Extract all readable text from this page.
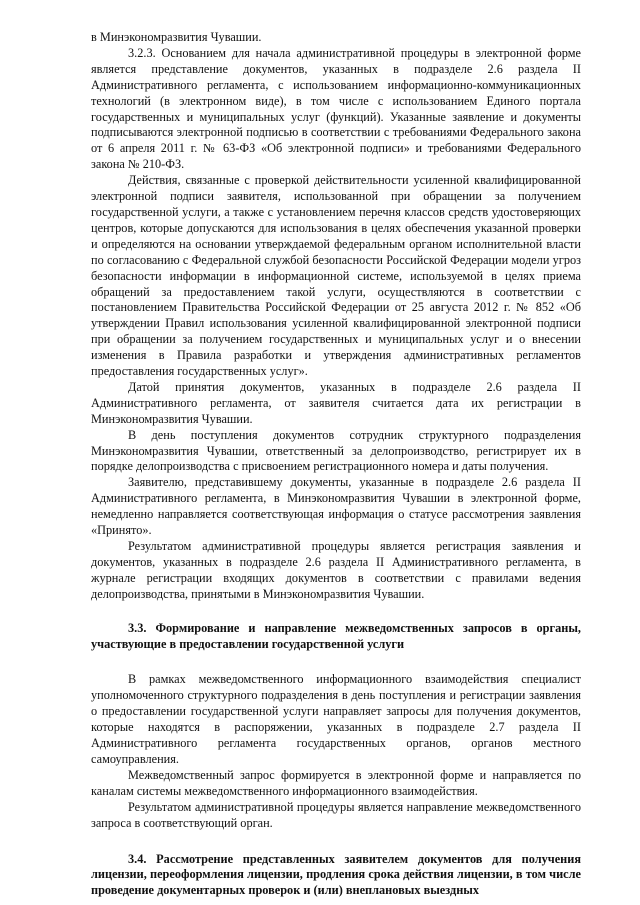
в Минэкономразвития Чувашии.

3.2.3. Основанием для начала административной процедуры в электронной форме является представление документов, указанных в подразделе 2.6 раздела II Административного регламента, с использованием информационно-коммуникационных технологий (в электронном виде), в том числе с использованием Единого портала государственных и муниципальных услуг (функций). Указанные заявление и документы подписываются электронной подписью в соответствии с требованиями Федерального закона от 6 апреля 2011 г. № 63-ФЗ «Об электронной подписи» и требованиями Федерального закона № 210-ФЗ.

Действия, связанные с проверкой действительности усиленной квалифицированной электронной подписи заявителя, использованной при обращении за получением государственной услуги, а также с установлением перечня классов средств удостоверяющих центров, которые допускаются для использования в целях обеспечения указанной проверки и определяются на основании утверждаемой федеральным органом исполнительной власти по согласованию с Федеральной службой безопасности Российской Федерации модели угроз безопасности информации в информационной системе, используемой в целях приема обращений за предоставлением такой услуги, осуществляются в соответствии с постановлением Правительства Российской Федерации от 25 августа 2012 г. № 852 «Об утверждении Правил использования усиленной квалифицированной электронной подписи при обращении за получением государственных и муниципальных услуг и о внесении изменения в Правила разработки и утверждения административных регламентов предоставления государственных услуг».

Датой принятия документов, указанных в подразделе 2.6 раздела II Административного регламента, от заявителя считается дата их регистрации в Минэкономразвития Чувашии.

В день поступления документов сотрудник структурного подразделения Минэкономразвития Чувашии, ответственный за делопроизводство, регистрирует их в порядке делопроизводства с присвоением регистрационного номера и даты получения.

Заявителю, представившему документы, указанные в подразделе 2.6 раздела II Административного регламента, в Минэкономразвития Чувашии в электронной форме, немедленно направляется соответствующая информация о статусе рассмотрения заявления «Принято».

Результатом административной процедуры является регистрация заявления и документов, указанных в подразделе 2.6 раздела II Административного регламента, в журнале регистрации входящих документов в соответствии с правилами ведения делопроизводства, принятыми в Минэкономразвития Чувашии.

3.3. Формирование и направление межведомственных запросов в органы, участвующие в предоставлении государственной услуги

В рамках межведомственного информационного взаимодействия специалист уполномоченного структурного подразделения в день поступления и регистрации заявления о предоставлении государственной услуги направляет запросы для получения документов, которые находятся в распоряжении, указанных в подразделе 2.7 раздела II Административного регламента государственных органов, органов местного самоуправления.

Межведомственный запрос формируется в электронной форме и направляется по каналам системы межведомственного информационного взаимодействия.

Результатом административной процедуры является направление межведомственного запроса в соответствующий орган.

3.4. Рассмотрение представленных заявителем документов для получения лицензии, переоформления лицензии, продления срока действия лицензии, в том числе проведение документарных проверок и (или) внеплановых выездных
